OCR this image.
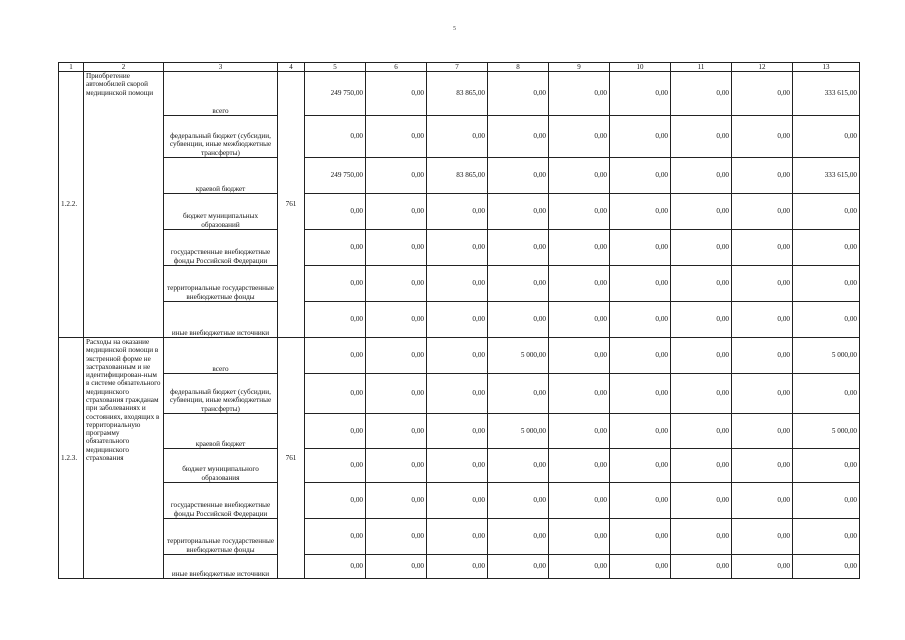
5
1	2	3	4	5	6	7	8	9	10	11	12	13
1.2.2.	Приобретение автомобилей скорой медицинской помощи	всего	761	249 750,00	0,00	83 865,00	0,00	0,00	0,00	0,00	0,00	333 615,00
		федеральный бюджет (субсидии, субвенции, иные межбюджетные трансферты)		0,00	0,00	0,00	0,00	0,00	0,00	0,00	0,00	0,00
		краевой бюджет		249 750,00	0,00	83 865,00	0,00	0,00	0,00	0,00	0,00	333 615,00
		бюджет муниципальных образований		0,00	0,00	0,00	0,00	0,00	0,00	0,00	0,00	0,00
		государственные внебюджетные фонды Российской Федерации		0,00	0,00	0,00	0,00	0,00	0,00	0,00	0,00	0,00
		территориальные государственные внебюджетные фонды		0,00	0,00	0,00	0,00	0,00	0,00	0,00	0,00	0,00
		иные внебюджетные источники		0,00	0,00	0,00	0,00	0,00	0,00	0,00	0,00	0,00
1.2.3.	Расходы на оказание медицинской помощи в экстренной форме не застрахованным и не идентифицирован-ным в системе обязательного медицинского страхования гражданам при заболеваниях и состояниях, входящих в территориальную программу обязательного медицинского страхования	всего	761	0,00	0,00	0,00	5 000,00	0,00	0,00	0,00	0,00	5 000,00
		федеральный бюджет (субсидии, субвенции, иные межбюджетные трансферты)		0,00	0,00	0,00	0,00	0,00	0,00	0,00	0,00	0,00
		краевой бюджет		0,00	0,00	0,00	5 000,00	0,00	0,00	0,00	0,00	5 000,00
		бюджет муниципального образования		0,00	0,00	0,00	0,00	0,00	0,00	0,00	0,00	0,00
		государственные внебюджетные фонды Российской Федерации		0,00	0,00	0,00	0,00	0,00	0,00	0,00	0,00	0,00
		территориальные государственные внебюджетные фонды		0,00	0,00	0,00	0,00	0,00	0,00	0,00	0,00	0,00
		иные внебюджетные источники		0,00	0,00	0,00	0,00	0,00	0,00	0,00	0,00	0,00
